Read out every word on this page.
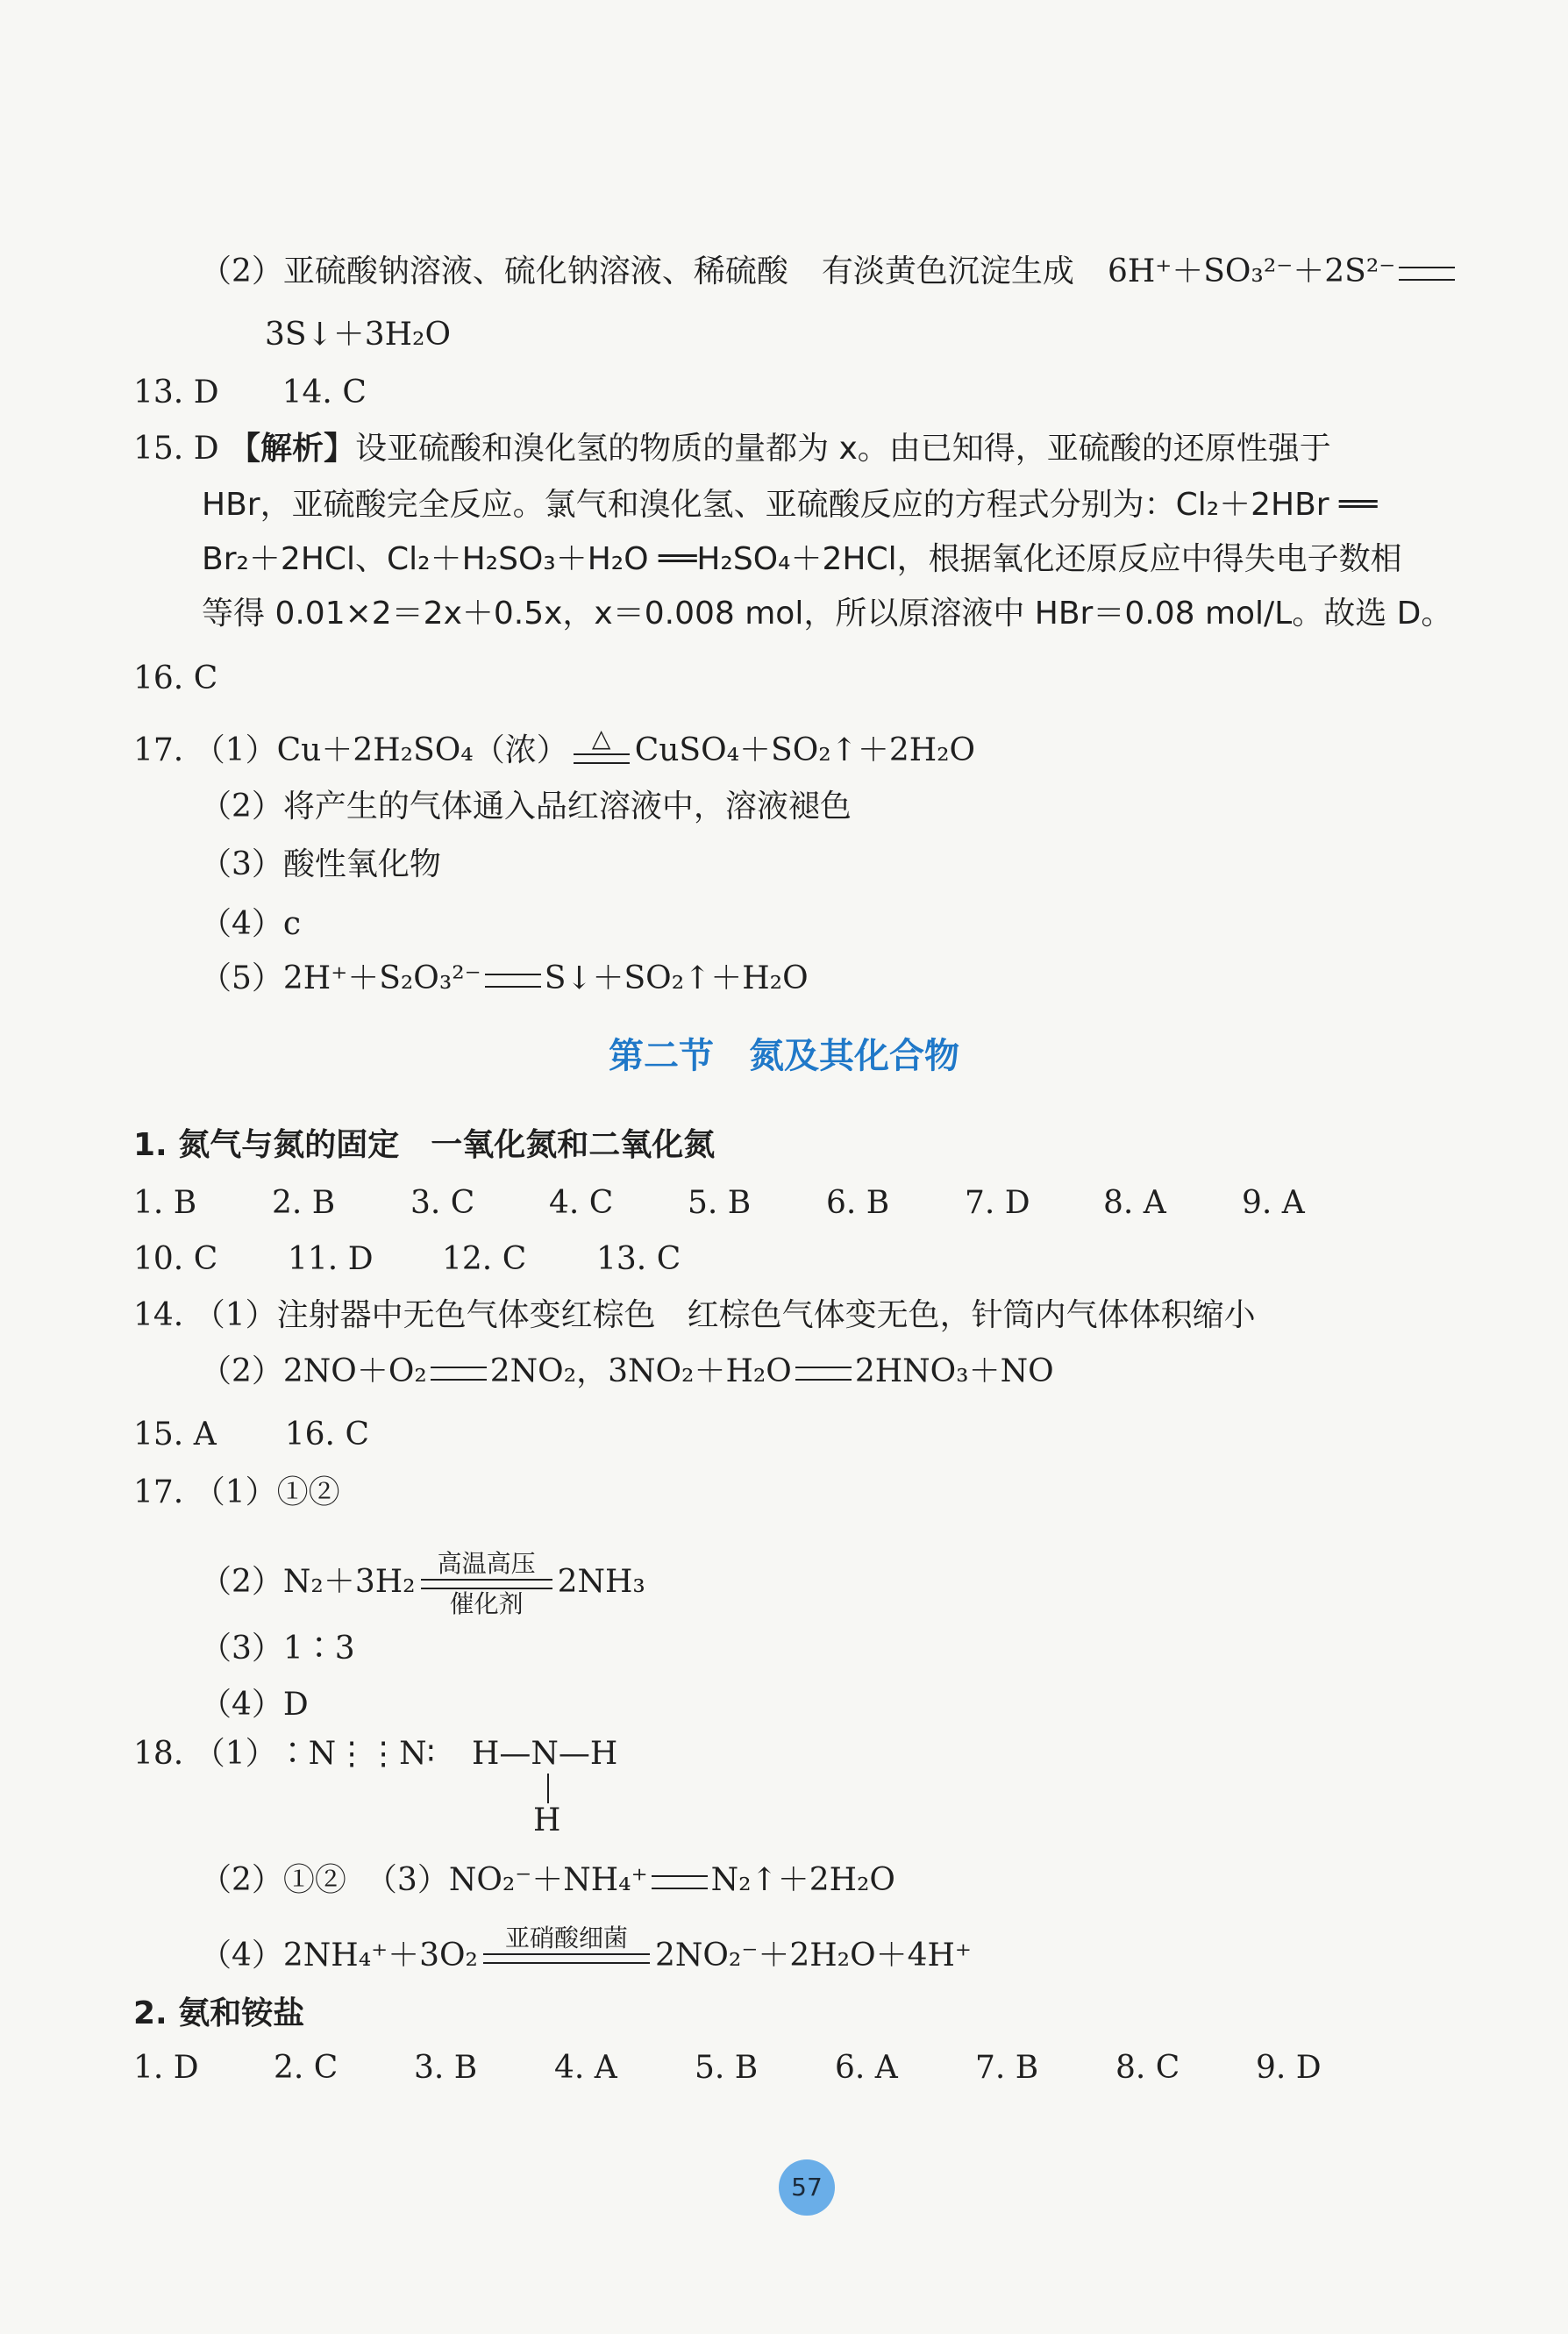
（2）亚硫酸钠溶液、硫化钠溶液、稀硫酸 有淡黄色沉淀生成 6H⁺＋SO₃²⁻＋2S²⁻
3S↓＋3H₂O
13. D 14. C
15. D 【解析】设亚硫酸和溴化氢的物质的量都为 x。由已知得，亚硫酸的还原性强于
HBr，亚硫酸完全反应。氯气和溴化氢、亚硫酸反应的方程式分别为：Cl₂＋2HBr ══
Br₂＋2HCl、Cl₂＋H₂SO₃＋H₂O ══H₂SO₄＋2HCl，根据氧化还原反应中得失电子数相
等得 0.01×2＝2x＋0.5x，x＝0.008 mol，所以原溶液中 HBr＝0.08 mol/L。故选 D。
16. C
17. （1）Cu＋2H₂SO₄（浓） △ CuSO₄＋SO₂↑＋2H₂O
（2）将产生的气体通入品红溶液中，溶液褪色
（3）酸性氧化物
（4）c
（5）2H⁺＋S₂O₃²⁻ S↓＋SO₂↑＋H₂O
第二节　氮及其化合物
1. 氮气与氮的固定　一氧化氮和二氧化氮
1. B 2. B 3. C 4. C 5. B 6. B 7. D 8. A 9. A
10. C 11. D 12. C 13. C
14. （1）注射器中无色气体变红棕色　红棕色气体变无色，针筒内气体体积缩小
（2）2NO＋O₂ 2NO₂，3NO₂＋H₂O 2HNO₃＋NO
15. A 16. C
17. （1）①②
（2）N₂＋3H₂
高温高压
催化剂
2NH₃
（3）1∶3
（4）D
18. （1）∶N⋮⋮N∶ H—N—H
H
（2）①② （3）NO₂⁻＋NH₄⁺ N₂↑＋2H₂O
（4）2NH₄⁺＋3O₂	亚硝酸细菌 2NO₂⁻＋2H₂O＋4H⁺
2. 氨和铵盐
1. D 2. C 3. B 4. A 5. B 6. A 7. B 8. C 9. D
57
